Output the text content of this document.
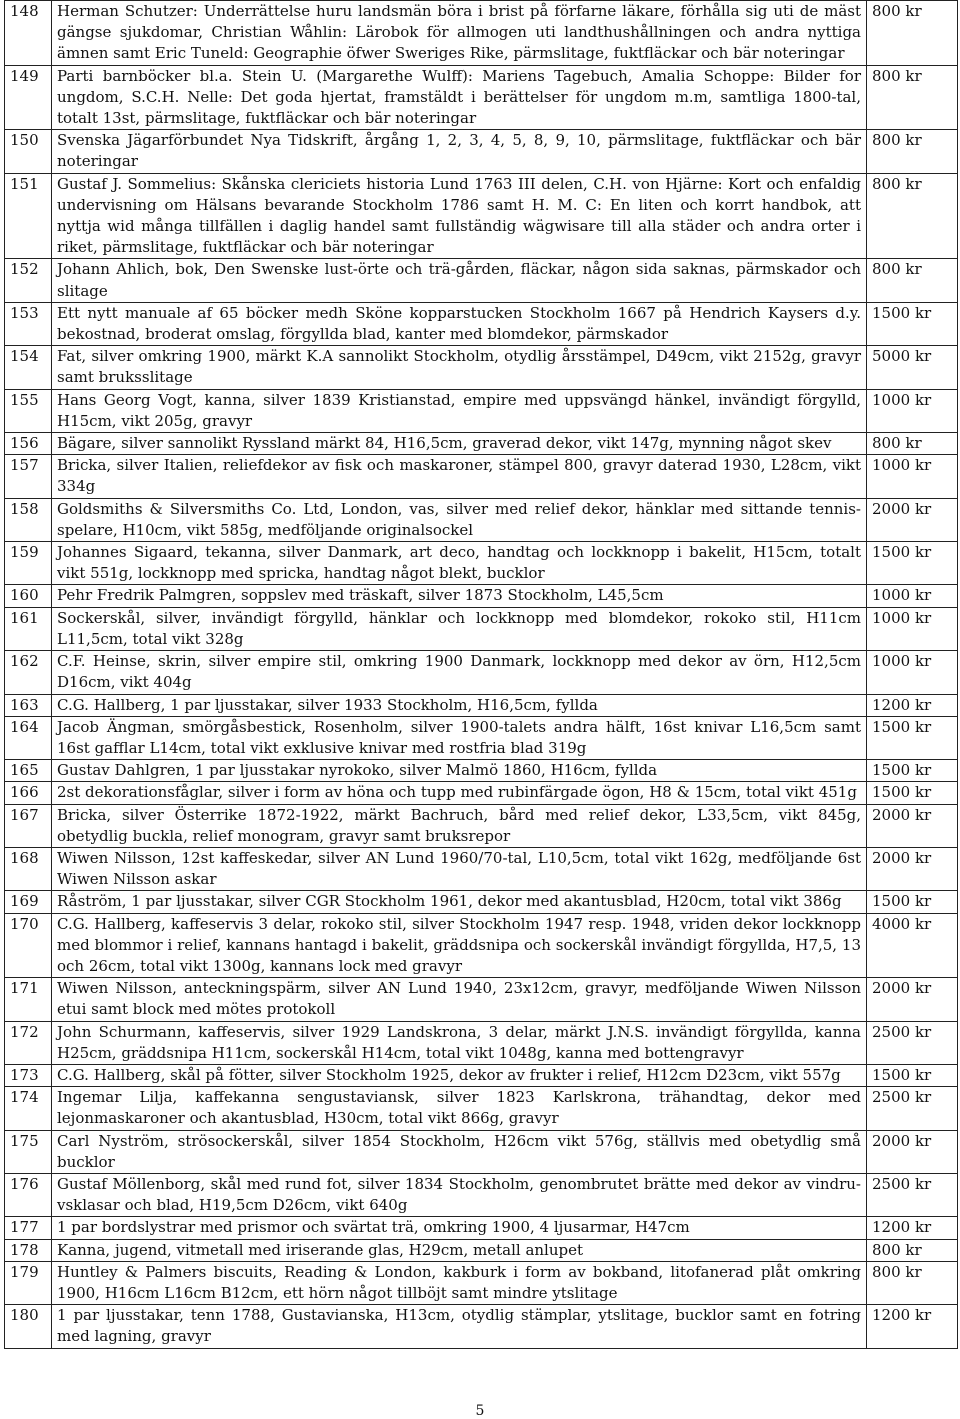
148	Herman Schutzer: Underrättelse huru landsmän böra i brist på förfarne läkare, förhålla sig uti de mäst gängse sjukdomar, Christian Wåhlin: Lärobok för allmogen uti landthushållningen och andra nyttiga ämnen samt Eric Tuneld: Geographie öfwer Sweriges Rike, pärmslitage, fuktfläckar och bär noteringar	800 kr
149	Parti barnböcker bl.a. Stein U. (Margarethe Wulff): Mariens Tagebuch, Amalia Schoppe: Bilder for ungdom, S.C.H. Nelle: Det goda hjertat, framstäldt i berättelser för ungdom m.m, samtliga 1800-tal, totalt 13st, pärmslitage, fuktfläckar och bär noteringar	800 kr
150	Svenska Jägarförbundet Nya Tidskrift, årgång 1, 2, 3, 4, 5, 8, 9, 10, pärmslitage, fuktfläckar och bär noteringar	800 kr
151	Gustaf J. Sommelius: Skånska clericiets historia Lund 1763 III delen, C.H. von Hjärne: Kort och enfaldig undervisning om Hälsans bevarande Stockholm 1786 samt H. M. C: En liten och korrt handbok, att nyttja wid många tillfällen i daglig handel samt fullständig wägwisare till alla städer och andra orter i riket, pärmslitage, fuktfläckar och bär noteringar	800 kr
152	Johann Ahlich, bok, Den Swenske lust-örte och trä-gården, fläckar, någon sida saknas, pärmskador och slitage	800 kr
153	Ett nytt manuale af 65 böcker medh Sköne kopparstucken Stockholm 1667 på Hendrich Kaysers d.y. bekostnad, broderat omslag, förgyllda blad, kanter med blomdekor, pärmskador	1500 kr
154	Fat, silver omkring 1900, märkt K.A sannolikt Stockholm, otydlig årsstämpel, D49cm, vikt 2152g, gravyr samt bruksslitage	5000 kr
155	Hans Georg Vogt, kanna, silver 1839 Kristianstad, empire med uppsvängd hänkel, invändigt förgylld, H15cm, vikt 205g, gravyr	1000 kr
156	Bägare, silver sannolikt Ryssland märkt 84, H16,5cm, graverad dekor, vikt 147g, mynning något skev	800 kr
157	Bricka, silver Italien, reliefdekor av fisk och maskaroner, stämpel 800, gravyr daterad 1930, L28cm, vikt 334g	1000 kr
158	Goldsmiths & Silversmiths Co. Ltd, London, vas, silver med relief dekor, hänklar med sittande tennis-spelare, H10cm, vikt 585g, medföljande originalsockel	2000 kr
159	Johannes Sigaard, tekanna, silver Danmark, art deco, handtag och lockknopp i bakelit, H15cm, totalt vikt 551g, lockknopp med spricka, handtag något blekt, bucklor	1500 kr
160	Pehr Fredrik Palmgren, soppslev med träskaft, silver 1873 Stockholm, L45,5cm	1000 kr
161	Sockerskål, silver, invändigt förgylld, hänklar och lockknopp med blomdekor, rokoko stil, H11cm L11,5cm, total vikt 328g	1000 kr
162	C.F. Heinse, skrin, silver empire stil, omkring 1900 Danmark, lockknopp med dekor av örn, H12,5cm D16cm, vikt 404g	1000 kr
163	C.G. Hallberg, 1 par ljusstakar, silver 1933 Stockholm, H16,5cm, fyllda	1200 kr
164	Jacob Ängman, smörgåsbestick, Rosenholm, silver 1900-talets andra hälft, 16st knivar L16,5cm samt 16st gafflar L14cm, total vikt exklusive knivar med rostfria blad 319g	1500 kr
165	Gustav Dahlgren, 1 par ljusstakar nyrokoko, silver Malmö 1860, H16cm, fyllda	1500 kr
166	2st dekorationsfåglar, silver i form av höna och tupp med rubinfärgade ögon, H8 & 15cm, total vikt 451g	1500 kr
167	Bricka, silver Österrike 1872-1922, märkt Bachruch, bård med relief dekor, L33,5cm, vikt 845g, obetydlig buckla, relief monogram, gravyr samt bruksrepor	2000 kr
168	Wiwen Nilsson, 12st kaffeskedar, silver AN Lund 1960/70-tal, L10,5cm, total vikt 162g, medföljande 6st Wiwen Nilsson askar	2000 kr
169	Råström, 1 par ljusstakar, silver CGR Stockholm 1961, dekor med akantusblad, H20cm, total vikt 386g	1500 kr
170	C.G. Hallberg, kaffeservis 3 delar, rokoko stil, silver Stockholm 1947 resp. 1948, vriden dekor lockknopp med blommor i relief, kannans hantagd i bakelit, gräddsnipa och sockerskål invändigt förgyllda, H7,5, 13 och 26cm, total vikt 1300g, kannans lock med gravyr	4000 kr
171	Wiwen Nilsson, anteckningspärm, silver AN Lund 1940, 23x12cm, gravyr, medföljande Wiwen Nilsson etui samt block med mötes protokoll	2000 kr
172	John Schurmann, kaffeservis, silver 1929 Landskrona, 3 delar, märkt J.N.S. invändigt förgyllda, kanna H25cm, gräddsnipa H11cm, sockerskål H14cm, total vikt 1048g, kanna med bottengravyr	2500 kr
173	C.G. Hallberg, skål på fötter, silver Stockholm 1925, dekor av frukter i relief, H12cm D23cm, vikt 557g	1500 kr
174	Ingemar Lilja, kaffekanna sengustaviansk, silver 1823 Karlskrona, trähandtag, dekor med lejonmaskaroner och akantusblad, H30cm, total vikt 866g, gravyr	2500 kr
175	Carl Nyström, strösockerskål, silver 1854 Stockholm, H26cm vikt 576g, ställvis med obetydlig små bucklor	2000 kr
176	Gustaf Möllenborg, skål med rund fot, silver 1834 Stockholm, genombrutet brätte med dekor av vindru-vsklasar och blad, H19,5cm D26cm, vikt 640g	2500 kr
177	1 par bordslystrar med prismor och svärtat trä, omkring 1900, 4 ljusarmar, H47cm	1200 kr
178	Kanna, jugend, vitmetall med iriserande glas, H29cm, metall anlupet	800 kr
179	Huntley & Palmers biscuits, Reading & London, kakburk i form av bokband, litofanerad plåt omkring 1900, H16cm L16cm B12cm, ett hörn något tillböjt samt mindre ytslitage	800 kr
180	1 par ljusstakar, tenn 1788, Gustavianska, H13cm, otydlig stämplar, ytslitage, bucklor samt en fotring med lagning, gravyr	1200 kr
5
